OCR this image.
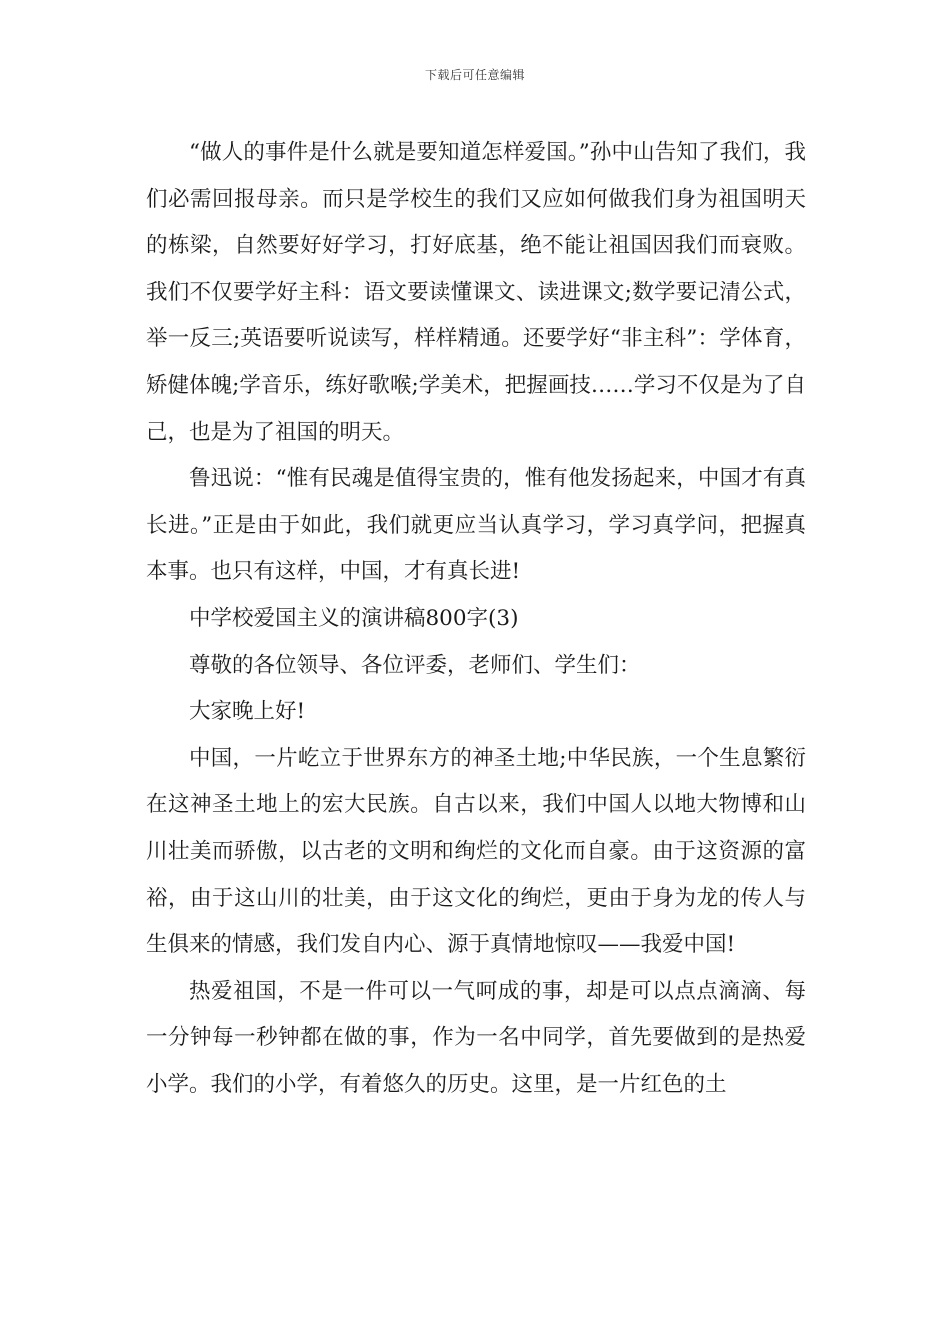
下载后可任意编辑

“做人的事件是什么就是要知道怎样爱国。”孙中山告知了我们，我们必需回报母亲。而只是学校生的我们又应如何做我们身为祖国明天的栋梁，自然要好好学习，打好底基，绝不能让祖国因我们而衰败。我们不仅要学好主科：语文要读懂课文、读进课文;数学要记清公式，举一反三;英语要听说读写，样样精通。还要学好“非主科”：学体育，矫健体魄;学音乐，练好歌喉;学美术，把握画技……学习不仅是为了自己，也是为了祖国的明天。

鲁迅说：“惟有民魂是值得宝贵的，惟有他发扬起来，中国才有真长进。”正是由于如此，我们就更应当认真学习，学习真学问，把握真本事。也只有这样，中国，才有真长进!

中学校爱国主义的演讲稿800字(3)

尊敬的各位领导、各位评委，老师们、学生们：

大家晚上好!

中国，一片屹立于世界东方的神圣土地;中华民族，一个生息繁衍在这神圣土地上的宏大民族。自古以来，我们中国人以地大物博和山川壮美而骄傲，以古老的文明和绚烂的文化而自豪。由于这资源的富裕，由于这山川的壮美，由于这文化的绚烂，更由于身为龙的传人与生俱来的情感，我们发自内心、源于真情地惊叹——我爱中国!

热爱祖国，不是一件可以一气呵成的事，却是可以点点滴滴、每一分钟每一秒钟都在做的事，作为一名中同学，首先要做到的是热爱小学。我们的小学，有着悠久的历史。这里，是一片红色的土
